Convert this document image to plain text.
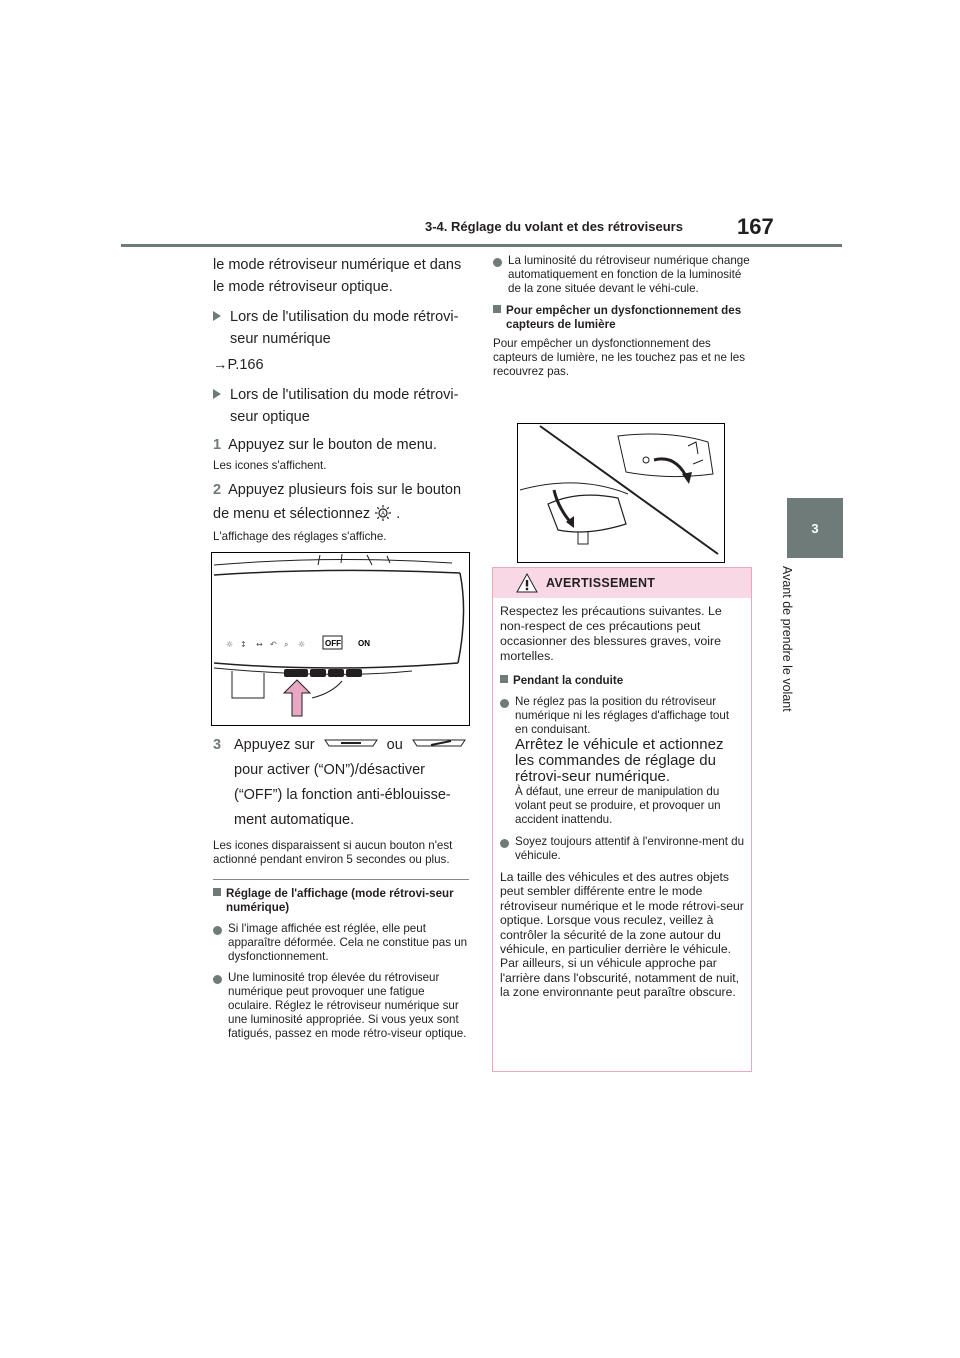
3-4. Réglage du volant et des rétroviseurs 167
3
Avant de prendre le volant

le mode rétroviseur numérique et dans le mode rétroviseur optique.

Lors de l'utilisation du mode rétrovi-seur numérique

→P.166

Lors de l'utilisation du mode rétrovi-seur optique

1 Appuyez sur le bouton de menu.

Les icones s'affichent.

2 Appuyez plusieurs fois sur le bouton de menu et sélectionnez A .

L'affichage des réglages s'affiche.

☼ ↕ ↔ ↶ ⌕ ☼ OFF ON
3 Appuyez sur	ou  pour activer (“ON”)/désactiver (“OFF”) la fonction anti-éblouisse-ment automatique.

Les icones disparaissent si aucun bouton n'est actionné pendant environ 5 secondes ou plus.

Réglage de l'affichage (mode rétrovi-seur numérique)
Si l'image affichée est réglée, elle peut apparaître déformée. Cela ne constitue pas un dysfonctionnement.
Une luminosité trop élevée du rétroviseur numérique peut provoquer une fatigue oculaire. Réglez le rétroviseur numérique sur une luminosité appropriée. Si vous yeux sont fatigués, passez en mode rétro-viseur optique.
La luminosité du rétroviseur numérique change automatiquement en fonction de la luminosité de la zone située devant le véhi-cule.
Pour empêcher un dysfonctionnement des capteurs de lumière

Pour empêcher un dysfonctionnement des capteurs de lumière, ne les touchez pas et ne les recouvrez pas.

AVERTISSEMENT

Respectez les précautions suivantes. Le non-respect de ces précautions peut occasionner des blessures graves, voire mortelles.

Pendant la conduite
Ne réglez pas la position du rétroviseur numérique ni les réglages d'affichage tout en conduisant.
Arrêtez le véhicule et actionnez les commandes de réglage du rétrovi-seur numérique.
À défaut, une erreur de manipulation du volant peut se produire, et provoquer un accident inattendu.
Soyez toujours attentif à l'environne-ment du véhicule.

La taille des véhicules et des autres objets peut sembler différente entre le mode rétroviseur numérique et le mode rétrovi-seur optique. Lorsque vous reculez, veillez à contrôler la sécurité de la zone autour du véhicule, en particulier derrière le véhicule. Par ailleurs, si un véhicule approche par l'arrière dans l'obscurité, notamment de nuit, la zone environnante peut paraître obscure.
